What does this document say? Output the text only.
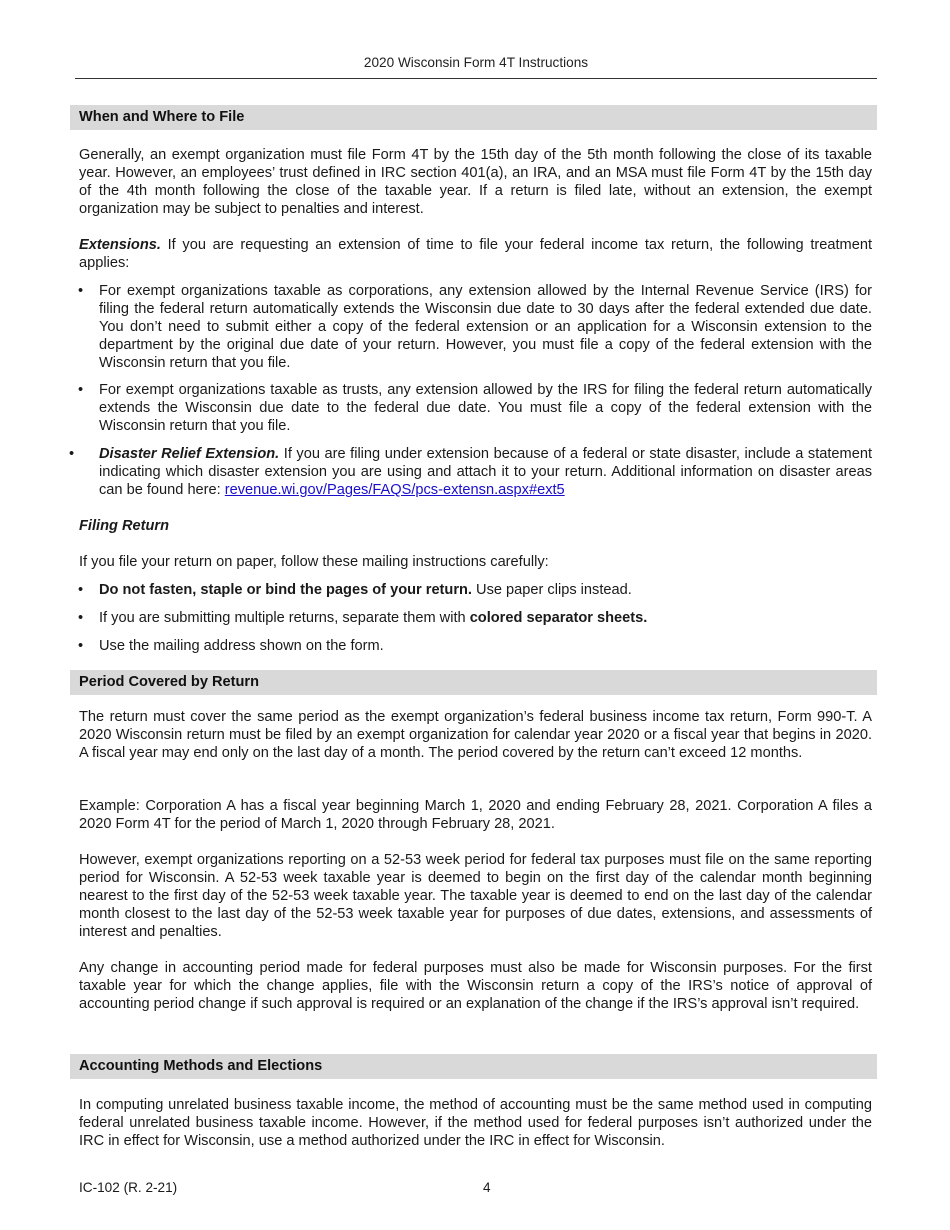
2020 Wisconsin Form 4T Instructions
When and Where to File

Generally, an exempt organization must file Form 4T by the 15th day of the 5th month following the close of its taxable year. However, an employees’ trust defined in IRC section 401(a), an IRA, and an MSA must file Form 4T by the 15th day of the 4th month following the close of the taxable year. If a return is filed late, without an extension, the exempt organization may be subject to penalties and interest.

Extensions. If you are requesting an extension of time to file your federal income tax return, the following treatment applies:

•	For exempt organizations taxable as corporations, any extension allowed by the Internal Revenue Service (IRS) for filing the federal return automatically extends the Wisconsin due date to 30 days after the federal extended due date. You don’t need to submit either a copy of the federal extension or an application for a Wisconsin extension to the department by the original due date of your return. However, you must file a copy of the federal extension with the Wisconsin return that you file.
•	For exempt organizations taxable as trusts, any extension allowed by the IRS for filing the federal return automatically extends the Wisconsin due date to the federal due date. You must file a copy of the federal extension with the Wisconsin return that you file.
•	Disaster Relief Extension. If you are filing under extension because of a federal or state disaster, include a statement indicating which disaster extension you are using and attach it to your return. Additional information on disaster areas can be found here: revenue.wi.gov/Pages/FAQS/pcs-extensn.aspx#ext5
Filing Return

If you file your return on paper, follow these mailing instructions carefully:

•	Do not fasten, staple or bind the pages of your return. Use paper clips instead.
•	If you are submitting multiple returns, separate them with colored separator sheets.
•	Use the mailing address shown on the form.
Period Covered by Return

The return must cover the same period as the exempt organization’s federal business income tax return, Form 990-T. A 2020 Wisconsin return must be filed by an exempt organization for calendar year 2020 or a fiscal year that begins in 2020. A fiscal year may end only on the last day of a month. The period covered by the return can’t exceed 12 months.

Example: Corporation A has a fiscal year beginning March 1, 2020 and ending February 28, 2021. Corporation A files a 2020 Form 4T for the period of March 1, 2020 through February 28, 2021.

However, exempt organizations reporting on a 52-53 week period for federal tax purposes must file on the same reporting period for Wisconsin. A 52-53 week taxable year is deemed to begin on the first day of the calendar month beginning nearest to the first day of the 52-53 week taxable year. The taxable year is deemed to end on the last day of the calendar month closest to the last day of the 52-53 week taxable year for purposes of due dates, extensions, and assessments of interest and penalties.

Any change in accounting period made for federal purposes must also be made for Wisconsin purposes. For the first taxable year for which the change applies, file with the Wisconsin return a copy of the IRS’s notice of approval of accounting period change if such approval is required or an explanation of the change if the IRS’s approval isn’t required.

Accounting Methods and Elections

In computing unrelated business taxable income, the method of accounting must be the same method used in computing federal unrelated business taxable income. However, if the method used for federal purposes isn’t authorized under the IRC in effect for Wisconsin, use a method authorized under the IRC in effect for Wisconsin.

IC-102 (R. 2-21)	4
